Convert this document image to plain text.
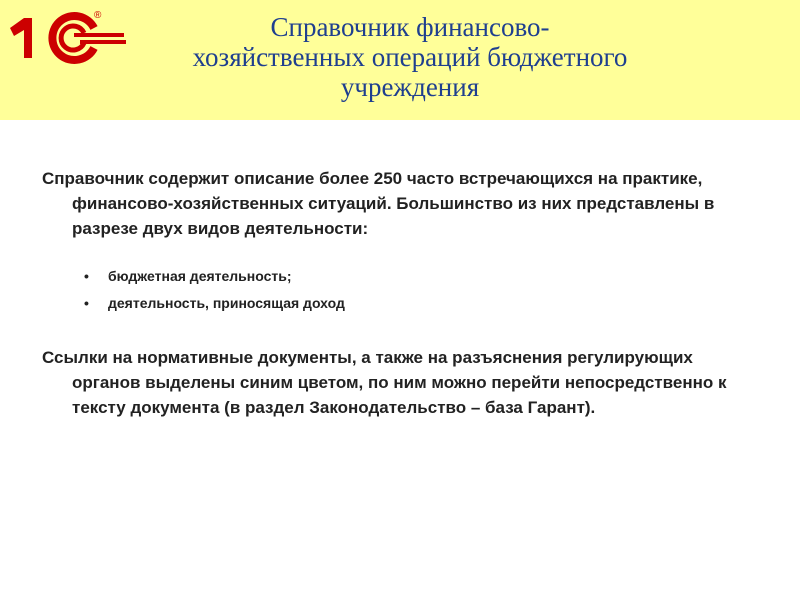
®	Справочник финансово-
хозяйственных операций бюджетного
учреждения

Справочник содержит описание более 250 часто встречающихся на практике, финансово-хозяйственных ситуаций. Большинство из них представлены в разрезе двух видов деятельности:

• бюджетная деятельность;
• деятельность, приносящая доход

Ссылки на нормативные документы, а также на разъяснения регулирующих органов выделены синим цветом, по ним можно перейти непосредственно к тексту документа (в раздел Законодательство – база Гарант).
